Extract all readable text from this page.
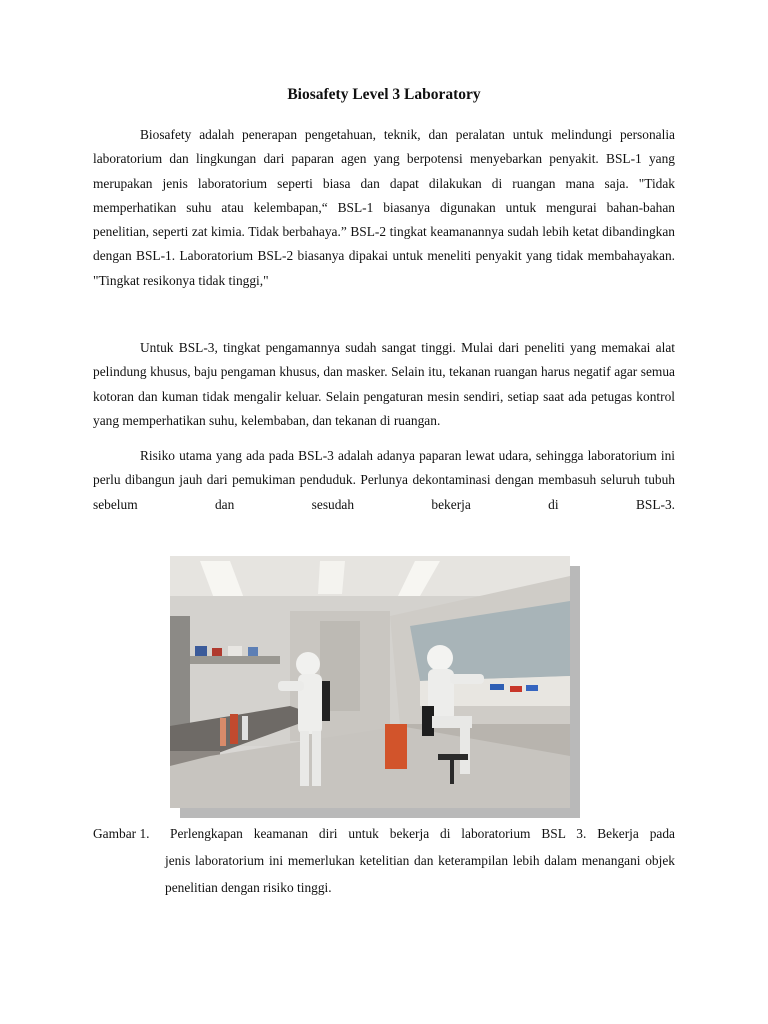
Biosafety Level 3 Laboratory

Biosafety adalah penerapan pengetahuan, teknik, dan peralatan untuk melindungi personalia laboratorium dan lingkungan dari paparan agen yang berpotensi menyebarkan penyakit. BSL-1 yang merupakan jenis laboratorium seperti biasa dan dapat dilakukan di ruangan mana saja. "Tidak memperhatikan suhu atau kelembapan,“ BSL-1 biasanya digunakan untuk mengurai bahan-bahan penelitian, seperti zat kimia. Tidak berbahaya.” BSL-2 tingkat keamanannya sudah lebih ketat dibandingkan dengan BSL-1. Laboratorium BSL-2 biasanya dipakai untuk meneliti penyakit yang tidak membahayakan. "Tingkat resikonya tidak tinggi,"

Untuk BSL-3, tingkat pengamannya sudah sangat tinggi. Mulai dari peneliti yang memakai alat pelindung khusus, baju pengaman khusus, dan masker. Selain itu, tekanan ruangan harus negatif agar semua kotoran dan kuman tidak mengalir keluar. Selain pengaturan mesin sendiri, setiap saat ada petugas kontrol yang memperhatikan suhu, kelembaban, dan tekanan di ruangan.

Risiko utama yang ada pada BSL-3 adalah adanya paparan lewat udara, sehingga laboratorium ini perlu dibangun jauh dari pemukiman penduduk. Perlunya dekontaminasi dengan membasuh seluruh tubuh sebelum dan sesudah bekerja di BSL-3.

Gambar 1. Perlengkapan keamanan diri untuk bekerja di laboratorium BSL 3. Bekerja pada

jenis laboratorium ini memerlukan ketelitian dan keterampilan lebih dalam menangani objek penelitian dengan risiko tinggi.
